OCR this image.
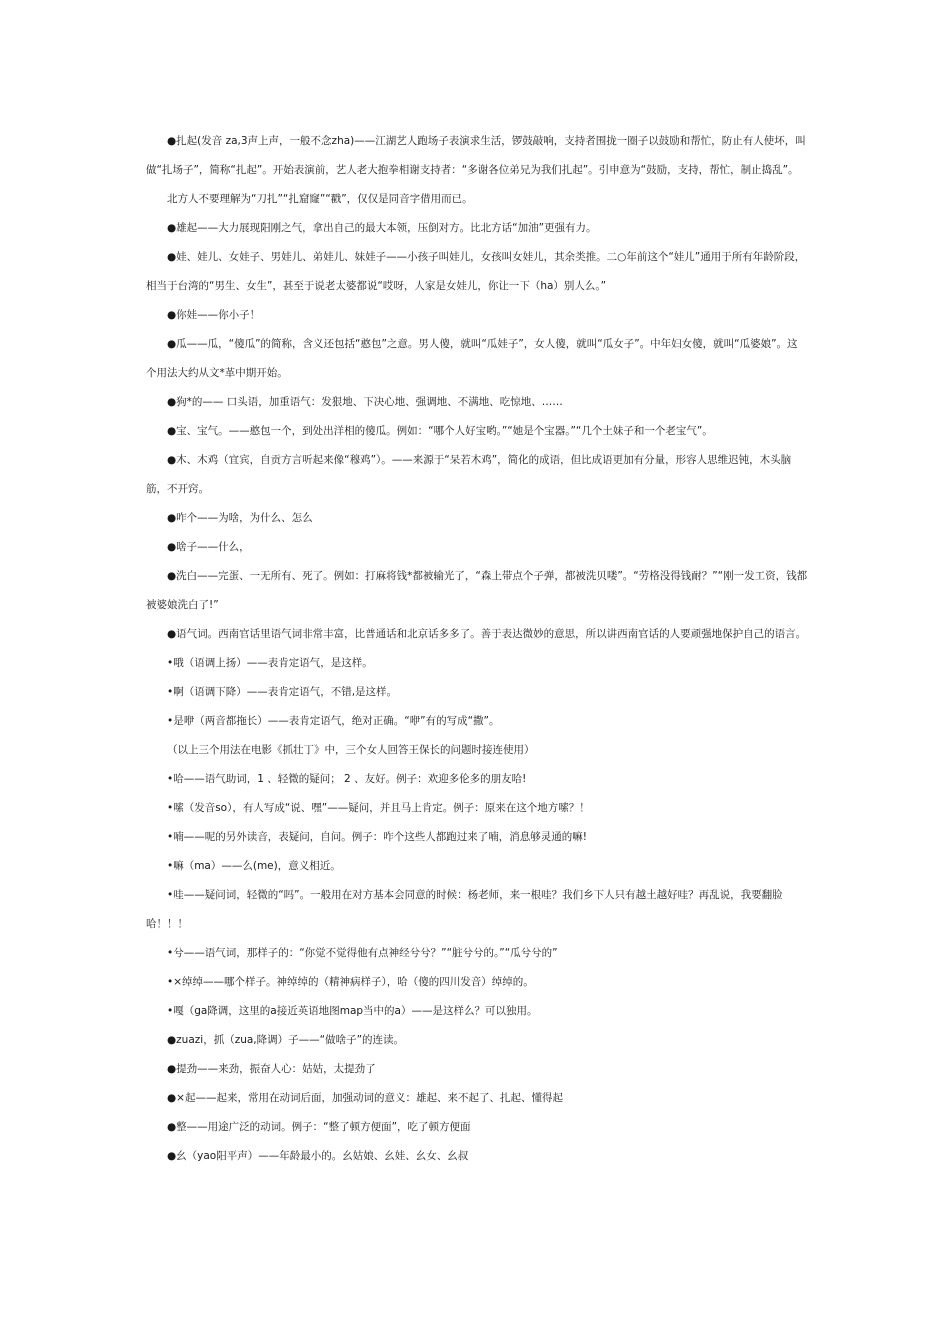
●扎起(发音 za,3声上声，一般不念zha)——江湖艺人跑场子表演求生活，锣鼓敲响，支持者围拢一圈子以鼓励和帮忙，防止有人使坏，叫做“扎场子”，简称“扎起”。开始表演前，艺人老大抱拳相谢支持者：“多谢各位弟兄为我们扎起”。引申意为“鼓励，支持，帮忙，制止捣乱”。

北方人不要理解为“刀扎”“扎窟窿”“戳”，仅仅是同音字借用而已。

●雄起——大力展现阳刚之气，拿出自己的最大本领，压倒对方。比北方话“加油”更强有力。

●娃、娃儿、女娃子、男娃儿、弟娃儿、妹娃子——小孩子叫娃儿，女孩叫女娃儿，其余类推。二○年前这个“娃儿”通用于所有年龄阶段，相当于台湾的“男生、女生”，甚至于说老太婆都说“哎呀，人家是女娃儿，你让一下（ha）别人么。”

●你娃——你小子！

●瓜——瓜，“傻瓜”的简称，含义还包括“憨包”之意。男人傻，就叫“瓜娃子”，女人傻，就叫“瓜女子”。中年妇女傻，就叫“瓜婆娘”。这个用法大约从文*革中期开始。

●狗*的—— 口头语，加重语气：发狠地、下决心地、强调地、不满地、吃惊地、……

●宝、宝气。——憨包一个，到处出洋相的傻瓜。例如：“哪个人好宝哟。”“她是个宝器。”“几个土妹子和一个老宝气”。

●木、木鸡（宜宾，自贡方言听起来像“穆鸡”）。——来源于“呆若木鸡”，简化的成语，但比成语更加有分量，形容人思维迟钝，木头脑筋，不开窍。

●咋个——为啥，为什么、怎么

●啥子——什么，

●洗白——完蛋、一无所有、死了。例如：打麻将钱*都被输光了，“森上带点个子弹，都被洗贝喽”。“劳格没得钱耐？”“刚一发工资，钱都被婆娘洗白了!”

●语气词。西南官话里语气词非常丰富，比普通话和北京话多多了。善于表达微妙的意思，所以讲西南官话的人要顽强地保护自己的语言。

•哦（语调上扬）——表肯定语气，是这样。

•啊（语调下降）——表肯定语气，不错,是这样。

•是咿（两音都拖长）——表肯定语气，绝对正确。“咿”有的写成“撒”。

（以上三个用法在电影《抓壮丁》中，三个女人回答王保长的问题时接连使用）

•哈——语气助词，1 、轻微的疑问； 2 、友好。例子：欢迎多伦多的朋友哈!

•嗦（发音so），有人写成“说、嘿”——疑问，并且马上肯定。例子：原来在这个地方嗦？！

•喃——呢的另外读音，表疑问，自问。例子：咋个这些人都跑过来了喃，消息够灵通的嘛!

•嘛（ma）——么(me)，意义相近。

•哇——疑问词，轻微的“吗”。一般用在对方基本会同意的时候：杨老师，来一根哇？我们乡下人只有越土越好哇？再乱说，我要翻脸哈！！！

•兮——语气词，那样子的：“你觉不觉得他有点神经兮兮？”“脏兮兮的。”“瓜兮兮的”

•×绰绰——哪个样子。神绰绰的（精神病样子），哈（傻的四川发音）绰绰的。

•嘎（ga降调，这里的a接近英语地图map当中的a）——是这样么？可以独用。

●zuazi，抓（zua,降调）子——“做啥子”的连读。

●提劲——来劲，振奋人心：姑姑，太提劲了

●×起——起来，常用在动词后面，加强动词的意义：雄起、来不起了、扎起、懂得起

●整——用途广泛的动词。例子：“整了顿方便面”，吃了顿方便面

●幺（yao阳平声）——年龄最小的。幺姑娘、幺娃、幺女、幺叔
